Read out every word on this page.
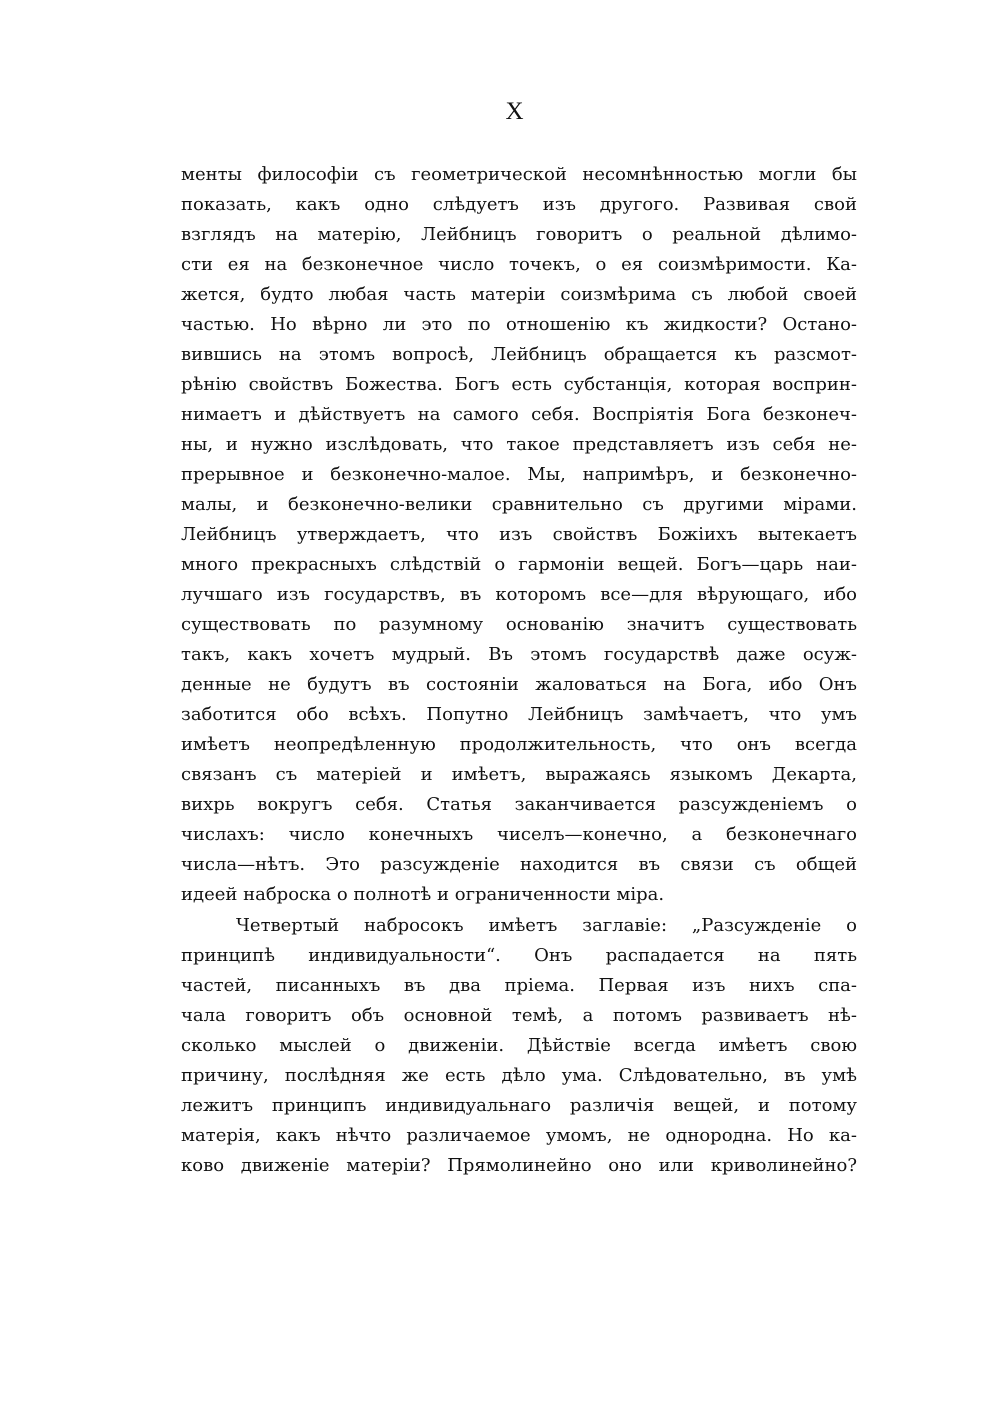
X
менты философіи съ геометрической несомнѣнностью могли бы
показать, какъ одно слѣдуетъ изъ другого. Развивая свой
взглядъ на матерію, Лейбницъ говоритъ о реальной дѣлимо-
сти ея на безконечное число точекъ, о ея соизмѣримости. Ка-
жется, будто любая часть матеріи соизмѣрима съ любой своей
частью. Но вѣрно ли это по отношенію къ жидкости? Остано-
вившись на этомъ вопросѣ, Лейбницъ обращается къ разсмот-
рѣнію свойствъ Божества. Богъ есть субстанція, которая восприн-
нимаетъ и дѣйствуетъ на самого себя. Воспріятія Бога безконеч-
ны, и нужно изслѣдовать, что такое представляетъ изъ себя не-
прерывное и безконечно-малое. Мы, напримѣръ, и безконечно-
малы, и безконечно-велики сравнительно съ другими мірами.
Лейбницъ утверждаетъ, что изъ свойствъ Божіихъ вытекаетъ
много прекрасныхъ слѣдствій о гармоніи вещей. Богъ—царь наи-
лучшаго изъ государствъ, въ которомъ все—для вѣрующаго, ибо
существовать по разумному основанію значитъ существовать
такъ, какъ хочетъ мудрый. Въ этомъ государствѣ даже осуж-
денные не будутъ въ состояніи жаловаться на Бога, ибо Онъ
заботится обо всѣхъ. Попутно Лейбницъ замѣчаетъ, что умъ
имѣетъ неопредѣленную продолжительность, что онъ всегда
связанъ съ матеріей и имѣетъ, выражаясь языкомъ Декарта,
вихрь вокругъ себя. Статья заканчивается разсужденіемъ о
числахъ: число конечныхъ чиселъ—конечно, а безконечнаго
числа—нѣтъ. Это разсужденіе находится въ связи съ общей
идеей наброска о полнотѣ и ограниченности міра.
Четвертый набросокъ имѣетъ заглавіе: „Разсужденіе о
принципѣ индивидуальности“. Онъ распадается на пять
частей, писанныхъ въ два пріема. Первая изъ нихъ спа-
чала говоритъ объ основной темѣ, а потомъ развиваетъ нѣ-
сколько мыслей о движеніи. Дѣйствіе всегда имѣетъ свою
причину, послѣдняя же есть дѣло ума. Слѣдовательно, въ умѣ
лежитъ принципъ индивидуальнаго различія вещей, и потому
матерія, какъ нѣчто различаемое умомъ, не однородна. Но ка-
ково движеніе матеріи? Прямолинейно оно или криволинейно?
